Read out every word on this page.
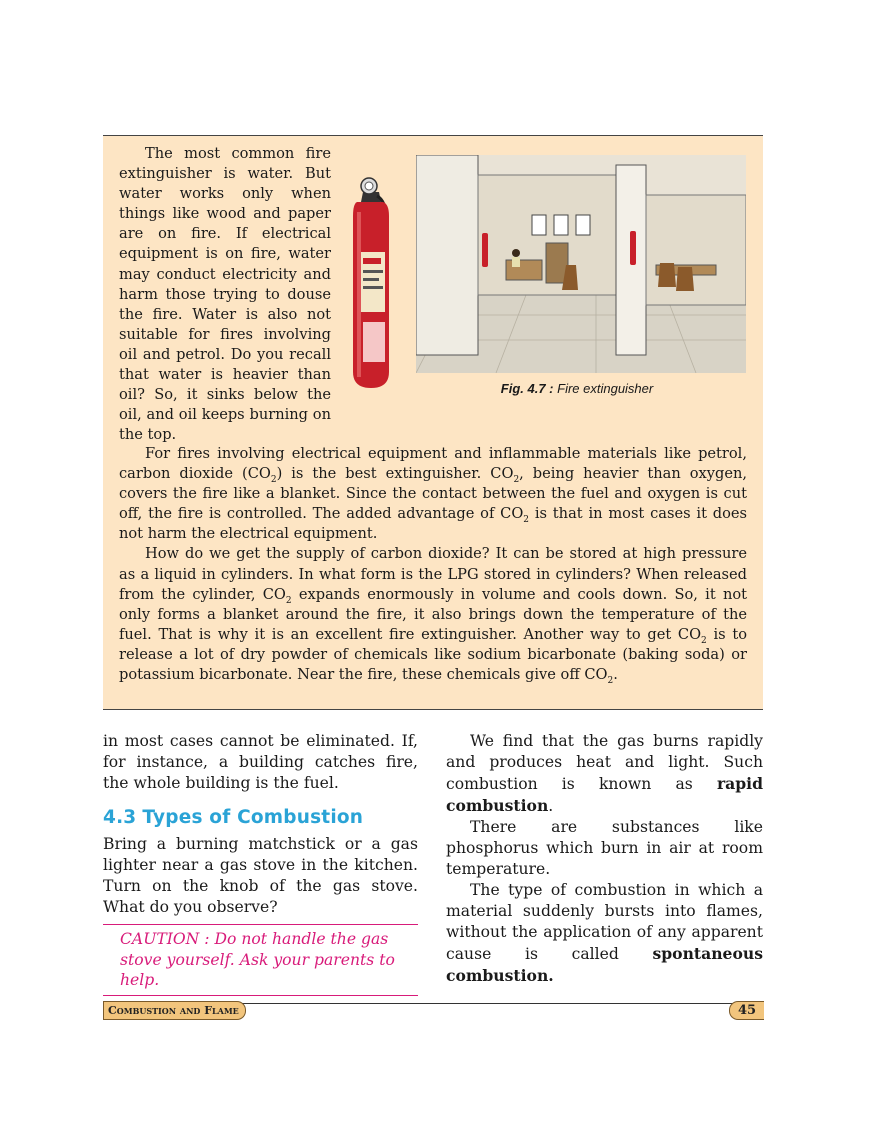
The most common fire extinguisher is water. But water works only when things like wood and paper are on fire. If electrical equipment is on fire, water may conduct electricity and harm those trying to douse the fire. Water is also not suitable for fires involving oil and petrol. Do you recall that water is heavier than oil? So, it sinks below the oil, and oil keeps burning on the top.

Fig. 4.7 : Fire extinguisher

For fires involving electrical equipment and inflammable materials like petrol, carbon dioxide $(CO_2)$ is the best extinguisher. $CO_2$, being heavier than oxygen, covers the fire like a blanket. Since the contact between the fuel and oxygen is cut off, the fire is controlled. The added advantage of $CO_2$ is that in most cases it does not harm the electrical equipment.

How do we get the supply of carbon dioxide? It can be stored at high pressure as a liquid in cylinders. In what form is the LPG stored in cylinders? When released from the cylinder, $CO_2$ expands enormously in volume and cools down. So, it not only forms a blanket around the fire, it also brings down the temperature of the fuel. That is why it is an excellent fire extinguisher. Another way to get $CO_2$ is to release a lot of dry powder of chemicals like sodium bicarbonate (baking soda) or potassium bicarbonate. Near the fire, these chemicals give off $CO_2$.

in most cases cannot be eliminated. If, for instance, a building catches fire, the whole building is the fuel.

4.3 Types of Combustion

Bring a burning matchstick or a gas lighter near a gas stove in the kitchen. Turn on the knob of the gas stove. What do you observe?

CAUTION : Do not handle the gas stove yourself. Ask your parents to help.

We find that the gas burns rapidly and produces heat and light. Such combustion is known as rapid combustion.

There are substances like phosphorus which burn in air at room temperature.

The type of combustion in which a material suddenly bursts into flames, without the application of any apparent cause is called spontaneous combustion.

Combustion and Flame	45
